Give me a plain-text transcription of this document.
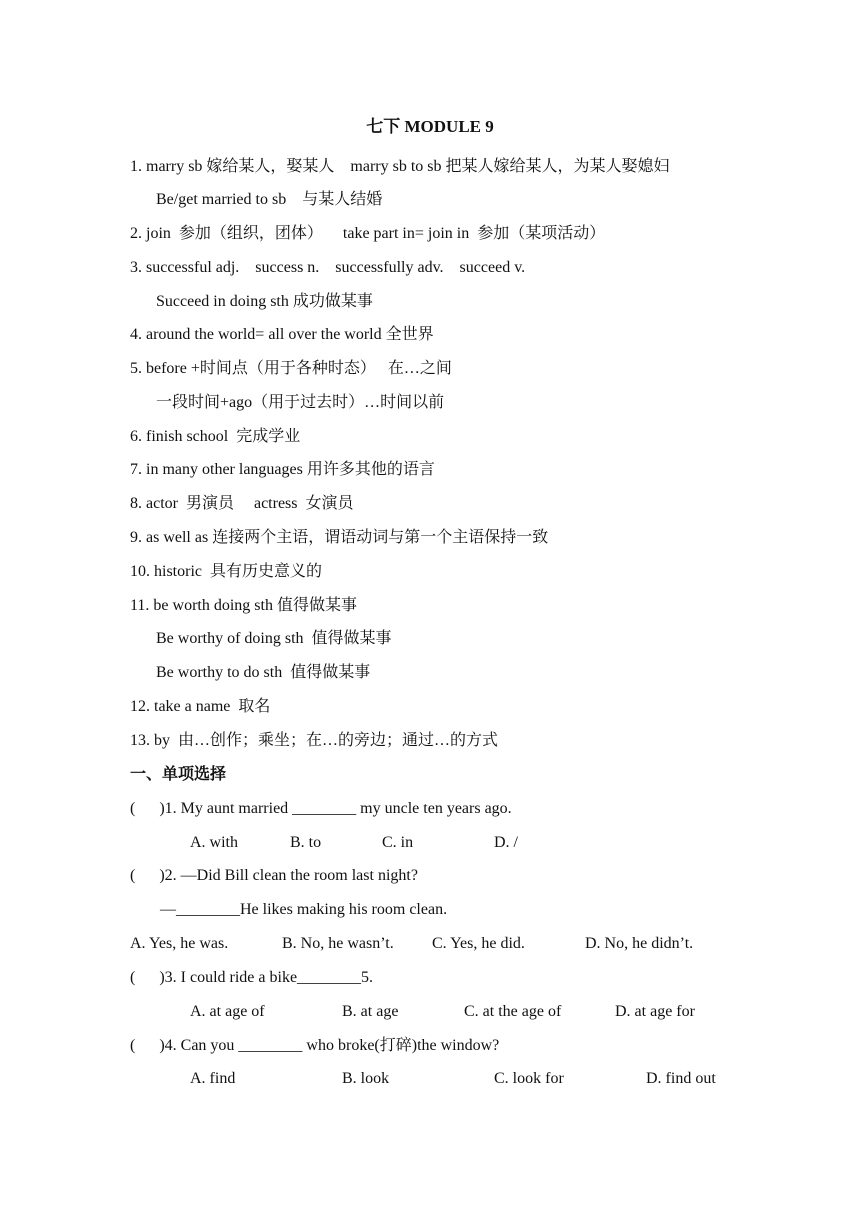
七下 MODULE 9
1. marry sb 嫁给某人，娶某人    marry sb to sb 把某人嫁给某人，为某人娶媳妇
Be/get married to sb    与某人结婚
2. join  参加（组织，团体）     take part in= join in  参加（某项活动）
3. successful adj.    success n.    successfully adv.    succeed v.
Succeed in doing sth 成功做某事
4. around the world= all over the world 全世界
5. before +时间点（用于各种时态）   在…之间
一段时间+ago（用于过去时）…时间以前
6. finish school  完成学业
7. in many other languages 用许多其他的语言
8. actor  男演员     actress  女演员
9. as well as 连接两个主语，谓语动词与第一个主语保持一致
10. historic  具有历史意义的
11. be worth doing sth 值得做某事
Be worthy of doing sth  值得做某事
Be worthy to do sth  值得做某事
12. take a name  取名
13. by  由…创作；乘坐；在…的旁边；通过…的方式
一、单项选择
(      )1. My aunt married ________ my uncle ten years ago.
A. with	B. to	C. in	D. /
(      )2. —Did Bill clean the room last night?
—________He likes making his room clean.
A. Yes, he was.	B. No, he wasn’t. C. Yes, he did.	D. No, he didn’t.
(      )3. I could ride a bike________5.
A. at age of	B. at age	C. at the age of	D. at age for
(      )4. Can you ________ who broke(打碎)the window?
A. find	B. look	C. look for	D. find out
